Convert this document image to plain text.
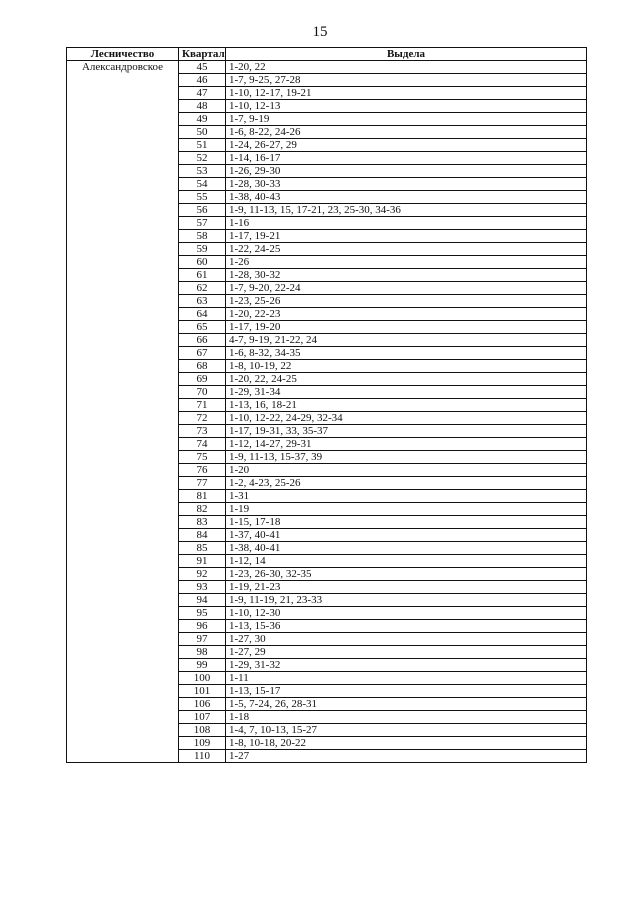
15
Лесничество	Квартал	Выдела
Александровское	45	1-20, 22
	46	1-7, 9-25, 27-28
	47	1-10, 12-17, 19-21
	48	1-10, 12-13
	49	1-7, 9-19
	50	1-6, 8-22, 24-26
	51	1-24, 26-27, 29
	52	1-14, 16-17
	53	1-26, 29-30
	54	1-28, 30-33
	55	1-38, 40-43
	56	1-9, 11-13, 15, 17-21, 23, 25-30, 34-36
	57	1-16
	58	1-17, 19-21
	59	1-22, 24-25
	60	1-26
	61	1-28, 30-32
	62	1-7, 9-20, 22-24
	63	1-23, 25-26
	64	1-20, 22-23
	65	1-17, 19-20
	66	4-7, 9-19, 21-22, 24
	67	1-6, 8-32, 34-35
	68	1-8, 10-19, 22
	69	1-20, 22, 24-25
	70	1-29, 31-34
	71	1-13, 16, 18-21
	72	1-10, 12-22, 24-29, 32-34
	73	1-17, 19-31, 33, 35-37
	74	1-12, 14-27, 29-31
	75	1-9, 11-13, 15-37, 39
	76	1-20
	77	1-2, 4-23, 25-26
	81	1-31
	82	1-19
	83	1-15, 17-18
	84	1-37, 40-41
	85	1-38, 40-41
	91	1-12, 14
	92	1-23, 26-30, 32-35
	93	1-19, 21-23
	94	1-9, 11-19, 21, 23-33
	95	1-10, 12-30
	96	1-13, 15-36
	97	1-27, 30
	98	1-27, 29
	99	1-29, 31-32
	100	1-11
	101	1-13, 15-17
	106	1-5, 7-24, 26, 28-31
	107	1-18
	108	1-4, 7, 10-13, 15-27
	109	1-8, 10-18, 20-22
	110	1-27
